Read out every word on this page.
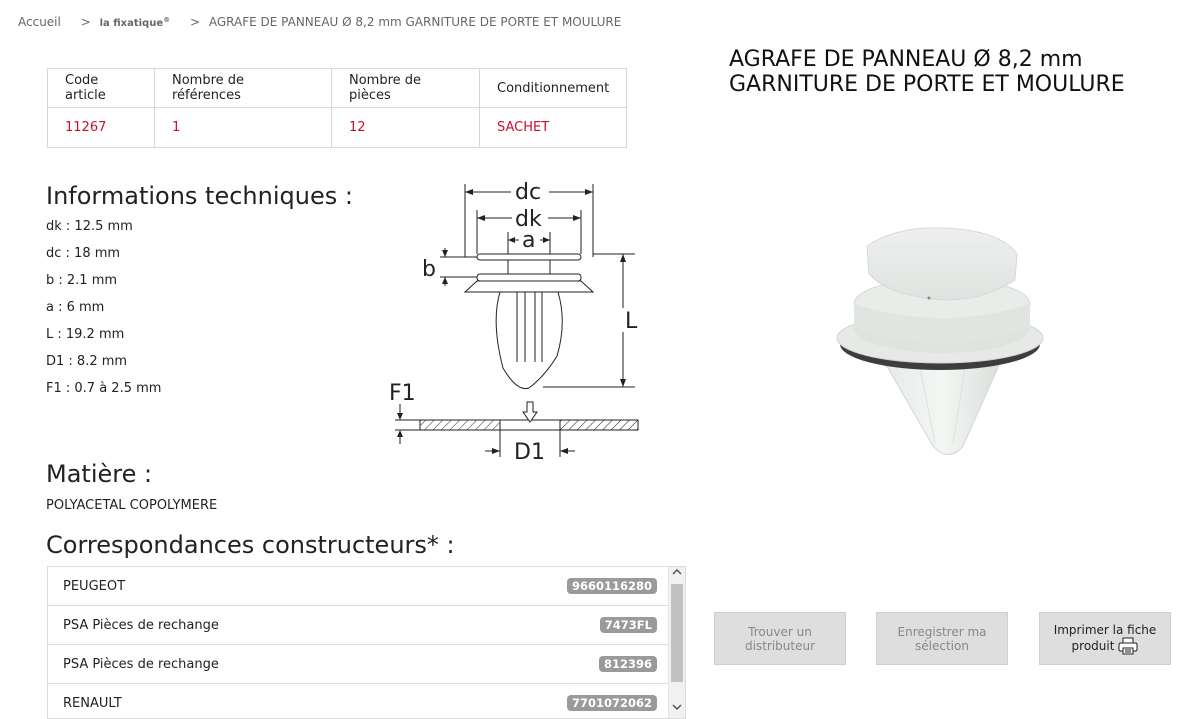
Accueil > la fixatique® > AGRAFE DE PANNEAU Ø 8,2 mm GARNITURE DE PORTE ET MOULURE
Code article	Nombre de références	Nombre de pièces	Conditionnement
11267	1	12	SACHET
Informations techniques :
dk : 12.5 mm
dc : 18 mm
b : 2.1 mm
a : 6 mm
L : 19.2 mm
D1 : 8.2 mm
F1 : 0.7 à 2.5 mm
dc
dk
a
b
L
F1
D1
Matière :
POLYACETAL COPOLYMERE
Correspondances constructeurs* :
PEUGEOT	9660116280
PSA Pièces de rechange	7473FL
PSA Pièces de rechange	812396
RENAULT	7701072062
AGRAFE DE PANNEAU Ø 8,2 mm
GARNITURE DE PORTE ET MOULURE
Trouver un
distributeur
Enregistrer ma
sélection
Imprimer la fiche
produit
